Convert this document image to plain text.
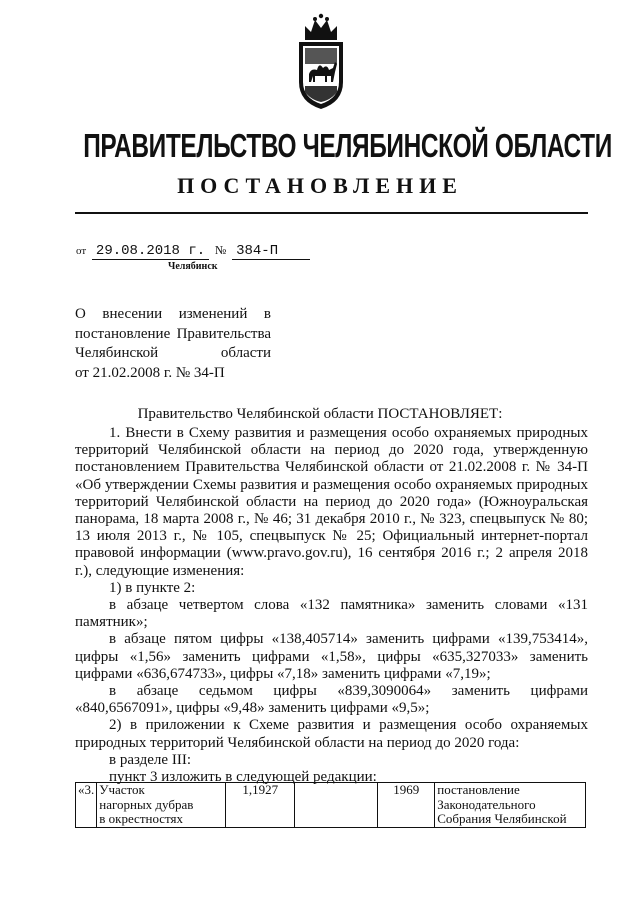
ПРАВИТЕЛЬСТВО ЧЕЛЯБИНСКОЙ ОБЛАСТИ
ПОСТАНОВЛЕНИЕ
от 29.08.2018 г. № 384-П
Челябинск
О внесении изменений в
постановление Правительства
Челябинской области
от 21.02.2008 г. № 34-П
Правительство Челябинской области ПОСТАНОВЛЯЕТ:

1. Внести в Схему развития и размещения особо охраняемых природных территорий Челябинской области на период до 2020 года, утвержденную постановлением Правительства Челябинской области от 21.02.2008 г. № 34-П «Об утверждении Схемы развития и размещения особо охраняемых природных территорий Челябинской области на период до 2020 года» (Южноуральская панорама, 18 марта 2008 г., № 46; 31 декабря 2010 г., № 323, спецвыпуск № 80; 13 июля 2013 г., № 105, спецвыпуск № 25; Официальный интернет-портал правовой информации (www.pravo.gov.ru), 16 сентября 2016 г.; 2 апреля 2018 г.), следующие изменения:

1) в пункте 2:

в абзаце четвертом слова «132 памятника» заменить словами «131 памятник»;

в абзаце пятом цифры «138,405714» заменить цифрами «139,753414», цифры «1,56» заменить цифрами «1,58», цифры «635,327033» заменить цифрами «636,674733», цифры «7,18» заменить цифрами «7,19»;

в абзаце седьмом цифры «839,3090064» заменить цифрами «840,6567091», цифры «9,48» заменить цифрами «9,5»;

2) в приложении к Схеме развития и размещения особо охраняемых природных территорий Челябинской области на период до 2020 года:

в разделе III:

пункт 3 изложить в следующей редакции:

«3.	Участок
нагорных дубрав
в окрестностях
	1,1927		1969	постановление
Законодательного
Собрания Челябинской
